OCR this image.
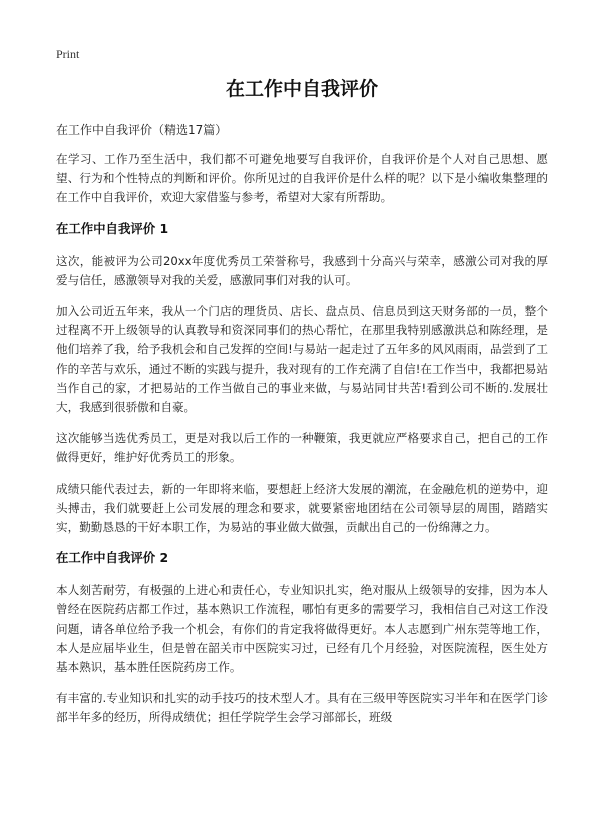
Print
在工作中自我评价

在工作中自我评价（精选17篇）

在学习、工作乃至生活中，我们都不可避免地要写自我评价，自我评价是个人对自己思想、愿望、行为和个性特点的判断和评价。你所见过的自我评价是什么样的呢？以下是小编收集整理的在工作中自我评价，欢迎大家借鉴与参考，希望对大家有所帮助。

在工作中自我评价 1

这次，能被评为公司20xx年度优秀员工荣誉称号，我感到十分高兴与荣幸，感激公司对我的厚爱与信任，感激领导对我的关爱，感激同事们对我的认可。

加入公司近五年来，我从一个门店的理货员、店长、盘点员、信息员到这天财务部的一员，整个过程离不开上级领导的认真教导和资深同事们的热心帮忙，在那里我特别感激洪总和陈经理，是他们培养了我，给予我机会和自己发挥的空间!与易站一起走过了五年多的风风雨雨，品尝到了工作的辛苦与欢乐，通过不断的实践与提升，我对现有的工作充满了自信!在工作当中，我都把易站当作自己的家，才把易站的工作当做自己的事业来做，与易站同甘共苦!看到公司不断的.发展壮大，我感到很骄傲和自豪。

这次能够当选优秀员工，更是对我以后工作的一种鞭策，我更就应严格要求自己，把自己的工作做得更好，维护好优秀员工的形象。

成绩只能代表过去，新的一年即将来临，要想赶上经济大发展的潮流，在金融危机的逆势中，迎头搏击，我们就要赶上公司发展的理念和要求，就要紧密地团结在公司领导层的周围，踏踏实实，勤勤恳恳的干好本职工作，为易站的事业做大做强，贡献出自己的一份绵薄之力。

在工作中自我评价 2

本人刻苦耐劳，有极强的上进心和责任心，专业知识扎实，绝对服从上级领导的安排，因为本人曾经在医院药店都工作过，基本熟识工作流程，哪怕有更多的需要学习，我相信自己对这工作没问题，请各单位给予我一个机会，有你们的肯定我将做得更好。本人志愿到广州东莞等地工作，本人是应届毕业生，但是曾在韶关市中医院实习过，已经有几个月经验，对医院流程，医生处方基本熟识，基本胜任医院药房工作。

有丰富的.专业知识和扎实的动手技巧的技术型人才。具有在三级甲等医院实习半年和在医学门诊部半年多的经历，所得成绩优；担任学院学生会学习部部长，班级
